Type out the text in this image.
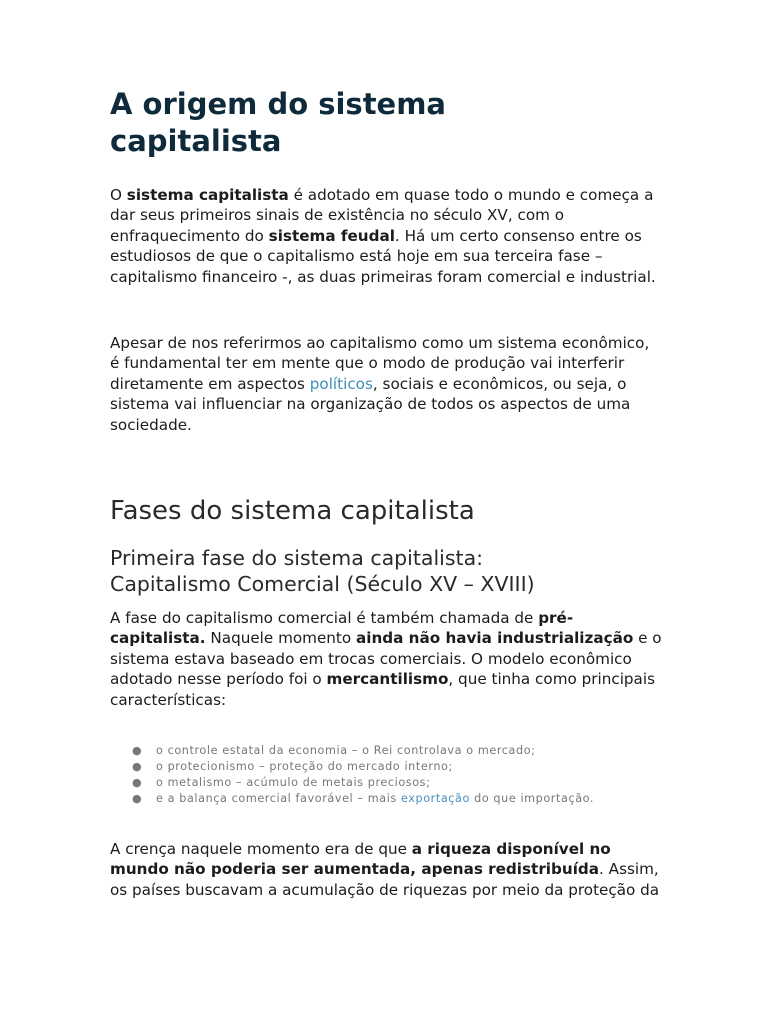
A origem do sistema
capitalista

O sistema capitalista é adotado em quase todo o mundo e começa a dar seus primeiros sinais de existência no século XV, com o enfraquecimento do sistema feudal. Há um certo consenso entre os estudiosos de que o capitalismo está hoje em sua terceira fase – capitalismo financeiro -, as duas primeiras foram comercial e industrial.

Apesar de nos referirmos ao capitalismo como um sistema econômico, é fundamental ter em mente que o modo de produção vai interferir diretamente em aspectos políticos, sociais e econômicos, ou seja, o sistema vai influenciar na organização de todos os aspectos de uma sociedade.

Fases do sistema capitalista
Primeira fase do sistema capitalista:
Capitalismo Comercial (Século XV – XVIII)

A fase do capitalismo comercial é também chamada de pré-capitalista. Naquele momento ainda não havia industrialização e o sistema estava baseado em trocas comerciais. O modelo econômico adotado nesse período foi o mercantilismo, que tinha como principais características:

● o controle estatal da economia – o Rei controlava o mercado;
● o protecionismo – proteção do mercado interno;
● o metalismo – acúmulo de metais preciosos;
● e a balança comercial favorável – mais exportação do que importação.

A crença naquele momento era de que a riqueza disponível no mundo não poderia ser aumentada, apenas redistribuída. Assim, os países buscavam a acumulação de riquezas por meio da proteção da
